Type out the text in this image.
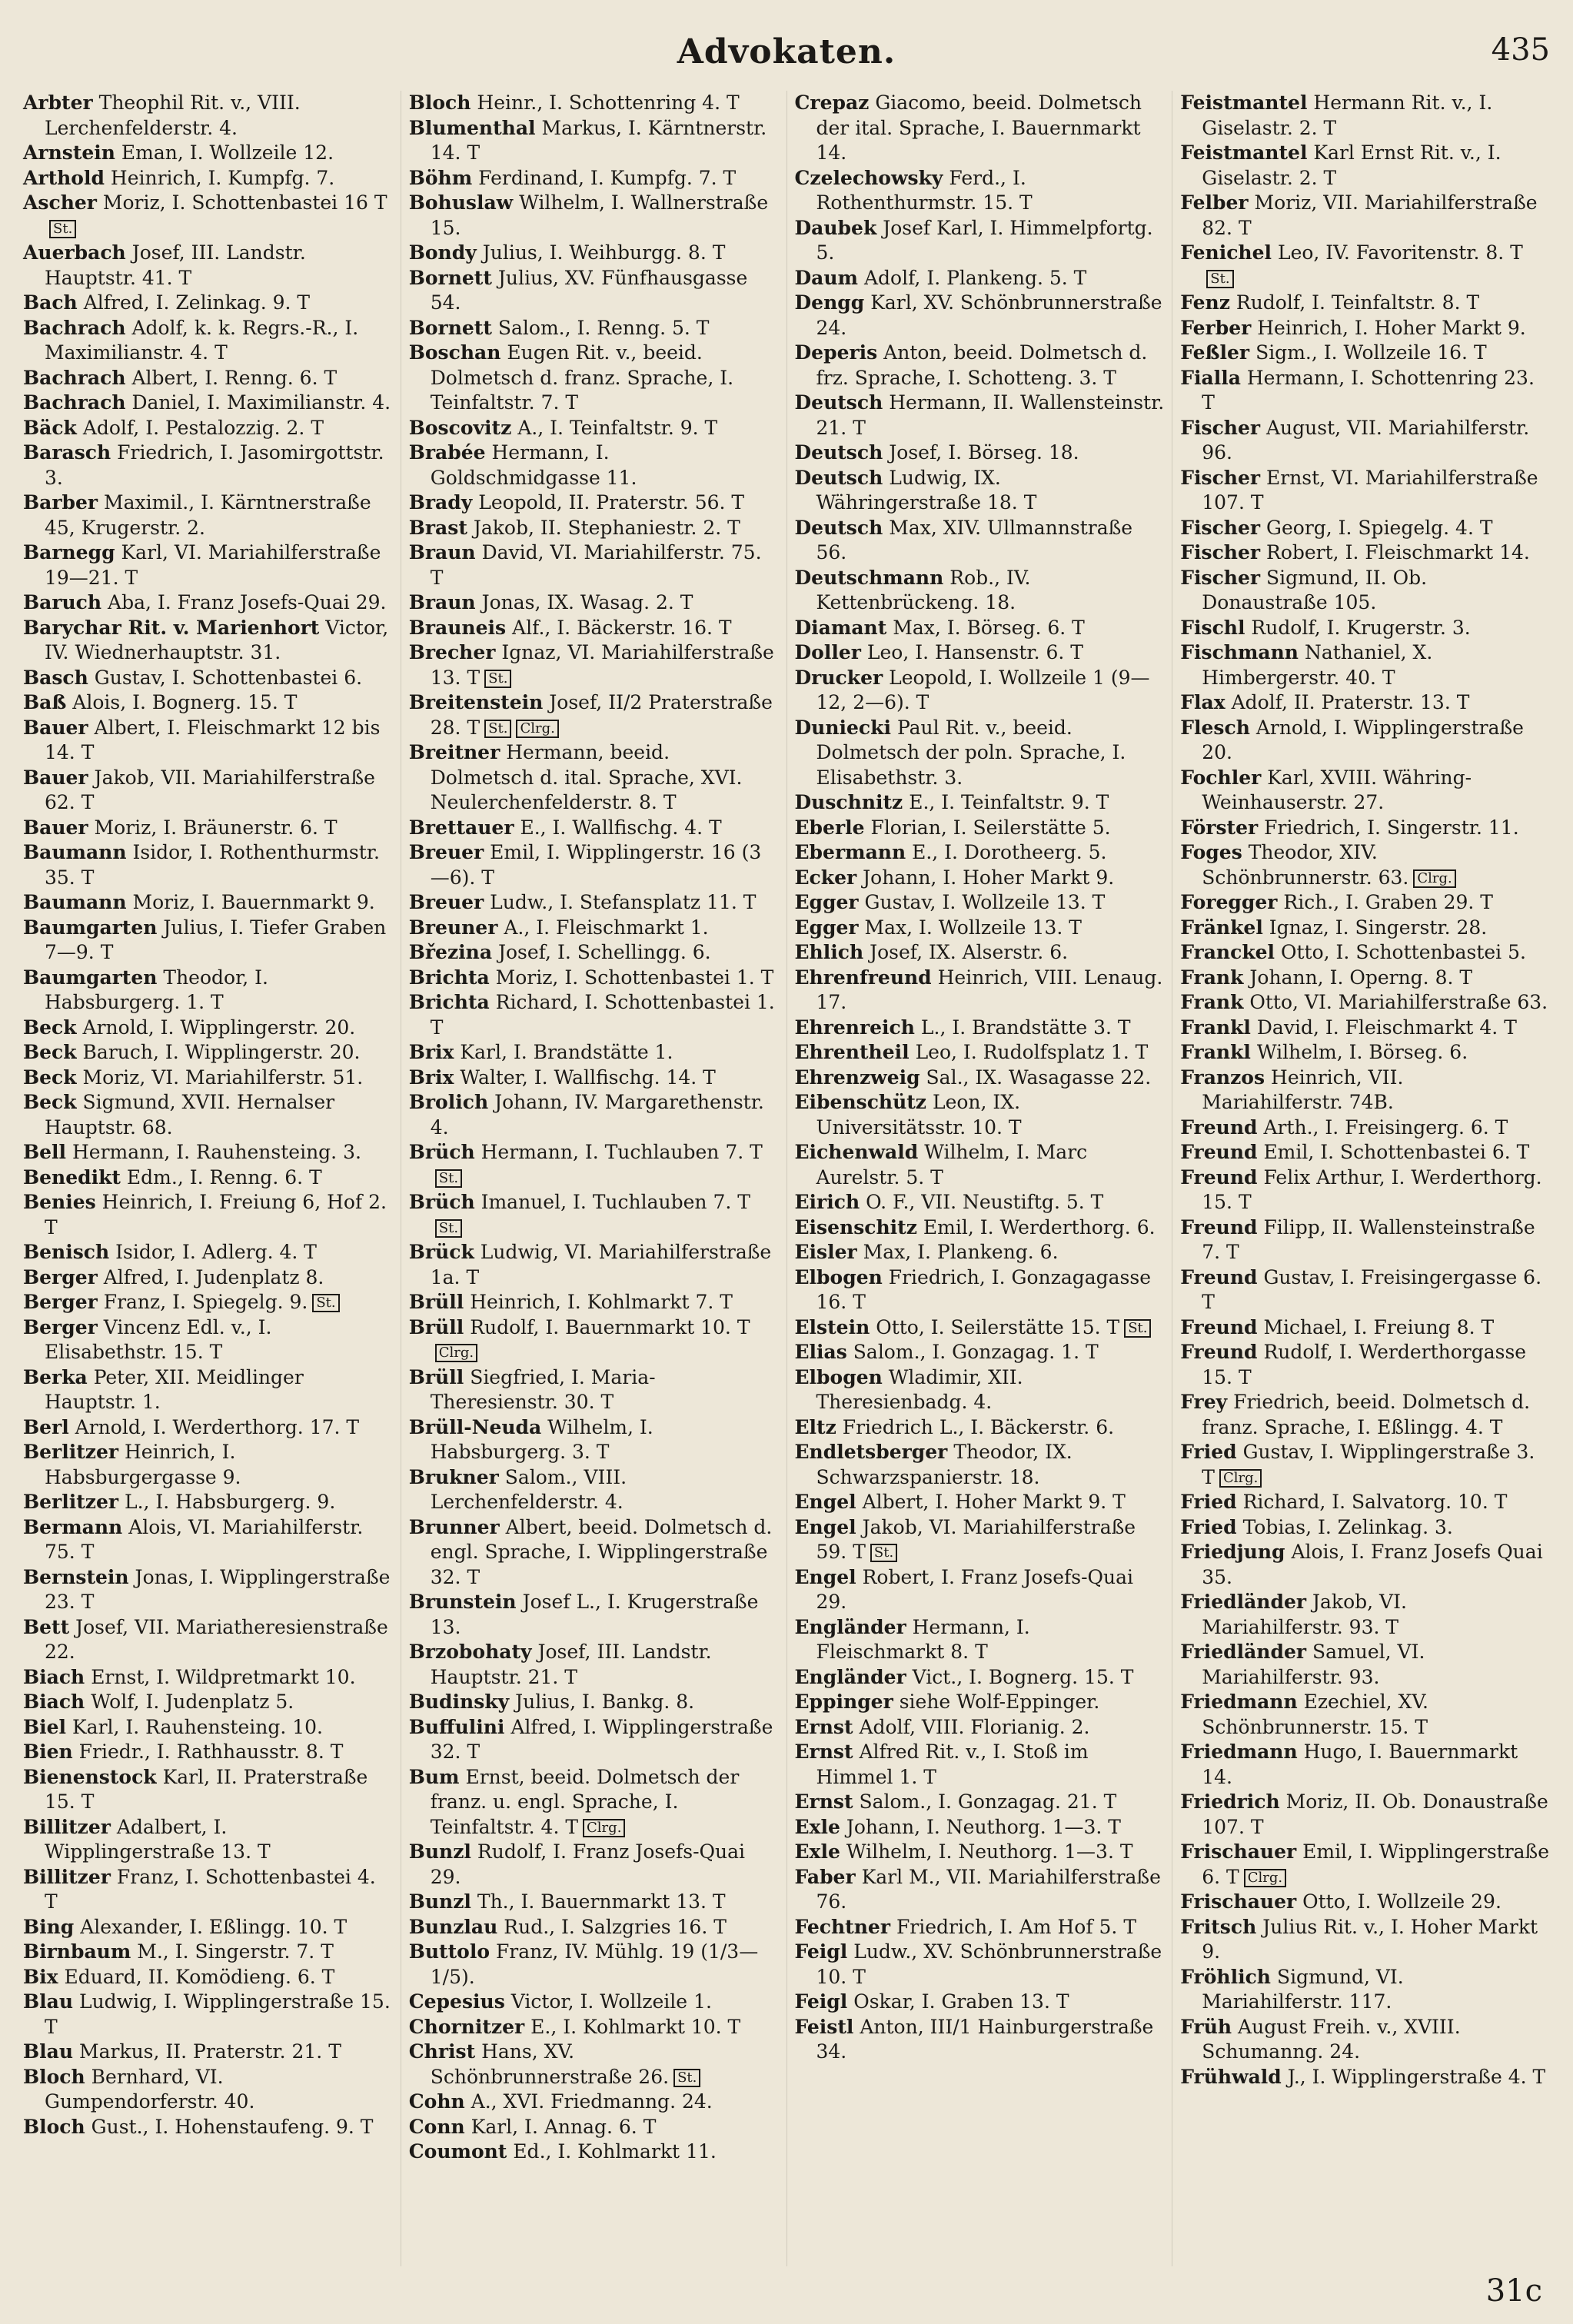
Advokaten.	435

Arbter Theophil Rit. v., VIII. Lerchenfelderstr. 4.

Arnstein Eman, I. Wollzeile 12.

Arthold Heinrich, I. Kumpfg. 7.

Ascher Moriz, I. Schottenbastei 16 TSt.

Auerbach Josef, III. Landstr. Hauptstr. 41. T

Bach Alfred, I. Zelinkag. 9. T

Bachrach Adolf, k. k. Regrs.-R., I. Maximilianstr. 4. T

Bachrach Albert, I. Renng. 6. T

Bachrach Daniel, I. Maximilianstr. 4.

Bäck Adolf, I. Pestalozzig. 2. T

Barasch Friedrich, I. Jasomirgottstr. 3.

Barber Maximil., I. Kärntnerstraße 45, Krugerstr. 2.

Barnegg Karl, VI. Mariahilferstraße 19—21. T

Baruch Aba, I. Franz Josefs-Quai 29.

Barychar Rit. v. Marienhort Victor, IV. Wiednerhauptstr. 31.

Basch Gustav, I. Schottenbastei 6.

Baß Alois, I. Bognerg. 15. T

Bauer Albert, I. Fleischmarkt 12 bis 14. T

Bauer Jakob, VII. Mariahilferstraße 62. T

Bauer Moriz, I. Bräunerstr. 6. T

Baumann Isidor, I. Rothenthurmstr. 35. T

Baumann Moriz, I. Bauernmarkt 9.

Baumgarten Julius, I. Tiefer Graben 7—9. T

Baumgarten Theodor, I. Habsburgerg. 1. T

Beck Arnold, I. Wipplingerstr. 20.

Beck Baruch, I. Wipplingerstr. 20.

Beck Moriz, VI. Mariahilferstr. 51.

Beck Sigmund, XVII. Hernalser Hauptstr. 68.

Bell Hermann, I. Rauhensteing. 3.

Benedikt Edm., I. Renng. 6. T

Benies Heinrich, I. Freiung 6, Hof 2. T

Benisch Isidor, I. Adlerg. 4. T

Berger Alfred, I. Judenplatz 8.

Berger Franz, I. Spiegelg. 9. St.

Berger Vincenz Edl. v., I. Elisabethstr. 15. T

Berka Peter, XII. Meidlinger Hauptstr. 1.

Berl Arnold, I. Werderthorg. 17. T

Berlitzer Heinrich, I. Habsburgergasse 9.

Berlitzer L., I. Habsburgerg. 9.

Bermann Alois, VI. Mariahilferstr. 75. T

Bernstein Jonas, I. Wipplingerstraße 23. T

Bett Josef, VII. Mariatheresienstraße 22.

Biach Ernst, I. Wildpretmarkt 10.

Biach Wolf, I. Judenplatz 5.

Biel Karl, I. Rauhensteing. 10.

Bien Friedr., I. Rathhausstr. 8. T

Bienenstock Karl, II. Praterstraße 15. T

Billitzer Adalbert, I. Wipplingerstraße 13. T

Billitzer Franz, I. Schottenbastei 4. T

Bing Alexander, I. Eßlingg. 10. T

Birnbaum M., I. Singerstr. 7. T

Bix Eduard, II. Komödieng. 6. T

Blau Ludwig, I. Wipplingerstraße 15. T

Blau Markus, II. Praterstr. 21. T

Bloch Bernhard, VI. Gumpendorferstr. 40.

Bloch Gust., I. Hohenstaufeng. 9. T

Bloch Heinr., I. Schottenring 4. T

Blumenthal Markus, I. Kärntnerstr. 14. T

Böhm Ferdinand, I. Kumpfg. 7. T

Bohuslaw Wilhelm, I. Wallnerstraße 15.

Bondy Julius, I. Weihburgg. 8. T

Bornett Julius, XV. Fünfhausgasse 54.

Bornett Salom., I. Renng. 5. T

Boschan Eugen Rit. v., beeid. Dolmetsch d. franz. Sprache, I. Teinfaltstr. 7. T

Boscovitz A., I. Teinfaltstr. 9. T

Brabée Hermann, I. Goldschmidgasse 11.

Brady Leopold, II. Praterstr. 56. T

Brast Jakob, II. Stephaniestr. 2. T

Braun David, VI. Mariahilferstr. 75. T

Braun Jonas, IX. Wasag. 2. T

Brauneis Alf., I. Bäckerstr. 16. T

Brecher Ignaz, VI. Mariahilferstraße 13. T St.

Breitenstein Josef, II/2 Praterstraße 28. T St. Clrg.

Breitner Hermann, beeid. Dolmetsch d. ital. Sprache, XVI. Neulerchenfelderstr. 8. T

Brettauer E., I. Wallfischg. 4. T

Breuer Emil, I. Wipplingerstr. 16 (3—6). T

Breuer Ludw., I. Stefansplatz 11. T

Breuner A., I. Fleischmarkt 1.

Březina Josef, I. Schellingg. 6.

Brichta Moriz, I. Schottenbastei 1. T

Brichta Richard, I. Schottenbastei 1. T

Brix Karl, I. Brandstätte 1.

Brix Walter, I. Wallfischg. 14. T

Brolich Johann, IV. Margarethenstr. 4.

Brüch Hermann, I. Tuchlauben 7. TSt.

Brüch Imanuel, I. Tuchlauben 7. TSt.

Brück Ludwig, VI. Mariahilferstraße 1a. T

Brüll Heinrich, I. Kohlmarkt 7. T

Brüll Rudolf, I. Bauernmarkt 10. TClrg.

Brüll Siegfried, I. Maria-Theresienstr. 30. T

Brüll-Neuda Wilhelm, I. Habsburgerg. 3. T

Brukner Salom., VIII. Lerchenfelderstr. 4.

Brunner Albert, beeid. Dolmetsch d. engl. Sprache, I. Wipplingerstraße 32. T

Brunstein Josef L., I. Krugerstraße 13.

Brzobohaty Josef, III. Landstr. Hauptstr. 21. T

Budinsky Julius, I. Bankg. 8.

Buffulini Alfred, I. Wipplingerstraße 32. T

Bum Ernst, beeid. Dolmetsch der franz. u. engl. Sprache, I. Teinfaltstr. 4. T Clrg.

Bunzl Rudolf, I. Franz Josefs-Quai 29.

Bunzl Th., I. Bauernmarkt 13. T

Bunzlau Rud., I. Salzgries 16. T

Buttolo Franz, IV. Mühlg. 19 (1/3—1/5).

Cepesius Victor, I. Wollzeile 1.

Chornitzer E., I. Kohlmarkt 10. T

Christ Hans, XV. Schönbrunnerstraße 26. St.

Cohn A., XVI. Friedmanng. 24.

Conn Karl, I. Annag. 6. T

Coumont Ed., I. Kohlmarkt 11.

Crepaz Giacomo, beeid. Dolmetsch der ital. Sprache, I. Bauernmarkt 14.

Czelechowsky Ferd., I. Rothenthurmstr. 15. T

Daubek Josef Karl, I. Himmelpfortg. 5.

Daum Adolf, I. Plankeng. 5. T

Dengg Karl, XV. Schönbrunnerstraße 24.

Deperis Anton, beeid. Dolmetsch d. frz. Sprache, I. Schotteng. 3. T

Deutsch Hermann, II. Wallensteinstr. 21. T

Deutsch Josef, I. Börseg. 18.

Deutsch Ludwig, IX. Währingerstraße 18. T

Deutsch Max, XIV. Ullmannstraße 56.

Deutschmann Rob., IV. Kettenbrückeng. 18.

Diamant Max, I. Börseg. 6. T

Doller Leo, I. Hansenstr. 6. T

Drucker Leopold, I. Wollzeile 1 (9—12, 2—6). T

Duniecki Paul Rit. v., beeid. Dolmetsch der poln. Sprache, I. Elisabethstr. 3.

Duschnitz E., I. Teinfaltstr. 9. T

Eberle Florian, I. Seilerstätte 5.

Ebermann E., I. Dorotheerg. 5.

Ecker Johann, I. Hoher Markt 9.

Egger Gustav, I. Wollzeile 13. T

Egger Max, I. Wollzeile 13. T

Ehlich Josef, IX. Alserstr. 6.

Ehrenfreund Heinrich, VIII. Lenaug. 17.

Ehrenreich L., I. Brandstätte 3. T

Ehrentheil Leo, I. Rudolfsplatz 1. T

Ehrenzweig Sal., IX. Wasagasse 22.

Eibenschütz Leon, IX. Universitätsstr. 10. T

Eichenwald Wilhelm, I. Marc Aurelstr. 5. T

Eirich O. F., VII. Neustiftg. 5. T

Eisenschitz Emil, I. Werderthorg. 6.

Eisler Max, I. Plankeng. 6.

Elbogen Friedrich, I. Gonzagagasse 16. T

Elstein Otto, I. Seilerstätte 15. T St.

Elias Salom., I. Gonzagag. 1. T

Elbogen Wladimir, XII. Theresienbadg. 4.

Eltz Friedrich L., I. Bäckerstr. 6.

Endletsberger Theodor, IX. Schwarzspanierstr. 18.

Engel Albert, I. Hoher Markt 9. T

Engel Jakob, VI. Mariahilferstraße 59. T St.

Engel Robert, I. Franz Josefs-Quai 29.

Engländer Hermann, I. Fleischmarkt 8. T

Engländer Vict., I. Bognerg. 15. T

Eppinger siehe Wolf-Eppinger.

Ernst Adolf, VIII. Florianig. 2.

Ernst Alfred Rit. v., I. Stoß im Himmel 1. T

Ernst Salom., I. Gonzagag. 21. T

Exle Johann, I. Neuthorg. 1—3. T

Exle Wilhelm, I. Neuthorg. 1—3. T

Faber Karl M., VII. Mariahilferstraße 76.

Fechtner Friedrich, I. Am Hof 5. T

Feigl Ludw., XV. Schönbrunnerstraße 10. T

Feigl Oskar, I. Graben 13. T

Feistl Anton, III/1 Hainburgerstraße 34.

Feistmantel Hermann Rit. v., I. Giselastr. 2. T

Feistmantel Karl Ernst Rit. v., I. Giselastr. 2. T

Felber Moriz, VII. Mariahilferstraße 82. T

Fenichel Leo, IV. Favoritenstr. 8. TSt.

Fenz Rudolf, I. Teinfaltstr. 8. T

Ferber Heinrich, I. Hoher Markt 9.

Feßler Sigm., I. Wollzeile 16. T

Fialla Hermann, I. Schottenring 23. T

Fischer August, VII. Mariahilferstr. 96.

Fischer Ernst, VI. Mariahilferstraße 107. T

Fischer Georg, I. Spiegelg. 4. T

Fischer Robert, I. Fleischmarkt 14.

Fischer Sigmund, II. Ob. Donaustraße 105.

Fischl Rudolf, I. Krugerstr. 3.

Fischmann Nathaniel, X. Himbergerstr. 40. T

Flax Adolf, II. Praterstr. 13. T

Flesch Arnold, I. Wipplingerstraße 20.

Fochler Karl, XVIII. Währing-Weinhauserstr. 27.

Förster Friedrich, I. Singerstr. 11.

Foges Theodor, XIV. Schönbrunnerstr. 63. Clrg.

Foregger Rich., I. Graben 29. T

Fränkel Ignaz, I. Singerstr. 28.

Franckel Otto, I. Schottenbastei 5.

Frank Johann, I. Operng. 8. T

Frank Otto, VI. Mariahilferstraße 63.

Frankl David, I. Fleischmarkt 4. T

Frankl Wilhelm, I. Börseg. 6.

Franzos Heinrich, VII. Mariahilferstr. 74B.

Freund Arth., I. Freisingerg. 6. T

Freund Emil, I. Schottenbastei 6. T

Freund Felix Arthur, I. Werderthorg. 15. T

Freund Filipp, II. Wallensteinstraße 7. T

Freund Gustav, I. Freisingergasse 6. T

Freund Michael, I. Freiung 8. T

Freund Rudolf, I. Werderthorgasse 15. T

Frey Friedrich, beeid. Dolmetsch d. franz. Sprache, I. Eßlingg. 4. T

Fried Gustav, I. Wipplingerstraße 3. T Clrg.

Fried Richard, I. Salvatorg. 10. T

Fried Tobias, I. Zelinkag. 3.

Friedjung Alois, I. Franz Josefs Quai 35.

Friedländer Jakob, VI. Mariahilferstr. 93. T

Friedländer Samuel, VI. Mariahilferstr. 93.

Friedmann Ezechiel, XV. Schönbrunnerstr. 15. T

Friedmann Hugo, I. Bauernmarkt 14.

Friedrich Moriz, II. Ob. Donaustraße 107. T

Frischauer Emil, I. Wipplingerstraße 6. T Clrg.

Frischauer Otto, I. Wollzeile 29.

Fritsch Julius Rit. v., I. Hoher Markt 9.

Fröhlich Sigmund, VI. Mariahilferstr. 117.

Früh August Freih. v., XVIII. Schumanng. 24.

Frühwald J., I. Wipplingerstraße 4. T

31c
